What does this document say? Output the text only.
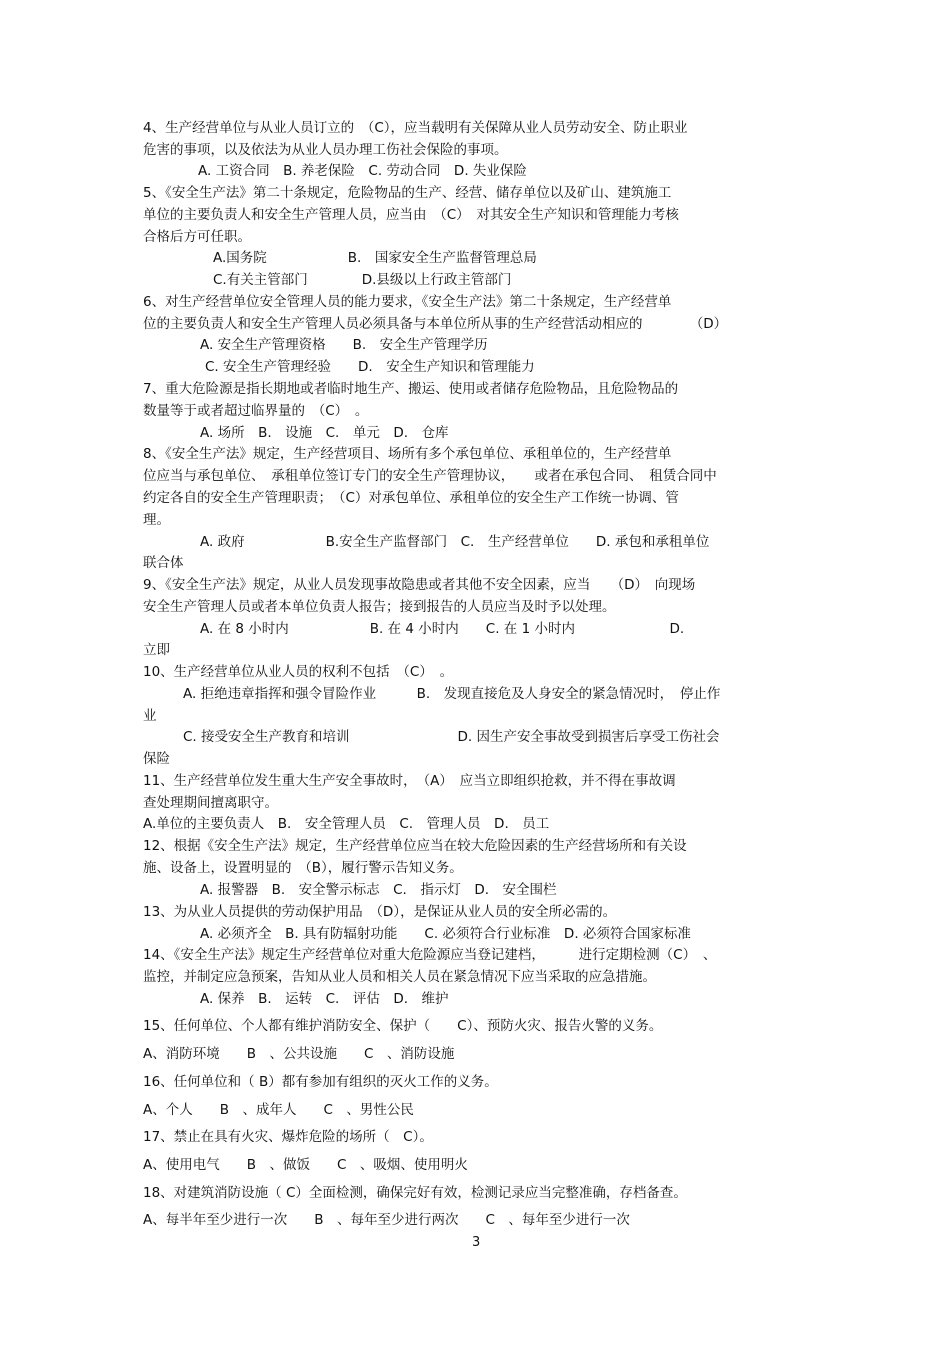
4、生产经营单位与从业人员订立的　（C），应当载明有关保障从业人员劳动安全、防止职业
危害的事项，以及依法为从业人员办理工伤社会保险的事项。
A. 工资合同　B. 养老保险　C. 劳动合同　D. 失业保险
5、《安全生产法》第二十条规定，危险物品的生产、经营、储存单位以及矿山、建筑施工
单位的主要负责人和安全生产管理人员，应当由　（C）　对其安全生产知识和管理能力考核
合格后方可任职。
A.国务院　　　　　　B.　国家安全生产监督管理总局
C.有关主管部门　　　　D.县级以上行政主管部门
6、对生产经营单位安全管理人员的能力要求，《安全生产法》第二十条规定，生产经营单
位的主要负责人和安全生产管理人员必须具备与本单位所从事的生产经营活动相应的　　　　（D）
A. 安全生产管理资格　　B.　安全生产管理学历
C. 安全生产管理经验　　D.　安全生产知识和管理能力
7、重大危险源是指长期地或者临时地生产、搬运、使用或者储存危险物品，且危险物品的
数量等于或者超过临界量的　（C）　。
A. 场所　B.　设施　C.　单元　D.　仓库
8、《安全生产法》规定，生产经营项目、场所有多个承包单位、承租单位的，生产经营单
位应当与承包单位、　承租单位签订专门的安全生产管理协议，　　或者在承包合同、　租赁合同中
约定各自的安全生产管理职责；　（C）对承包单位、承租单位的安全生产工作统一协调、管
理。
A. 政府　　　　　　B.安全生产监督部门　C.　生产经营单位　　D. 承包和承租单位
联合体
9、《安全生产法》规定，从业人员发现事故隐患或者其他不安全因素，应当　　（D）　向现场
安全生产管理人员或者本单位负责人报告；接到报告的人员应当及时予以处理。
A. 在 8 小时内　　　　　　B. 在 4 小时内　　C. 在 1 小时内　　　　　　　D.
立即
10、生产经营单位从业人员的权利不包括　（C）　。
A. 拒绝违章指挥和强令冒险作业　　　B.　发现直接危及人身安全的紧急情况时，　停止作
业
C. 接受安全生产教育和培训　　　　　　　　D. 因生产安全事故受到损害后享受工伤社会
保险
11、生产经营单位发生重大生产安全事故时，　（A）　应当立即组织抢救，并不得在事故调
查处理期间擅离职守。
A.单位的主要负责人　B.　安全管理人员　C.　管理人员　D.　员工
12、根据《安全生产法》规定，生产经营单位应当在较大危险因素的生产经营场所和有关设
施、设备上，设置明显的　（B），履行警示告知义务。
A. 报警器　B.　安全警示标志　C.　指示灯　D.　安全围栏
13、为从业人员提供的劳动保护用品　（D），是保证从业人员的安全所必需的。
A. 必须齐全　B. 具有防辐射功能　　C. 必须符合行业标准　D. 必须符合国家标准
14、《安全生产法》规定生产经营单位对重大危险源应当登记建档，　　　进行定期检测（C）　、
监控，并制定应急预案，告知从业人员和相关人员在紧急情况下应当采取的应急措施。
A. 保养　B.　运转　C.　评估　D.　维护
15、任何单位、个人都有维护消防安全、保护（　　C）、预防火灾、报告火警的义务。
A、消防环境　　B　、公共设施　　C　、消防设施
16、任何单位和（ B）都有参加有组织的灭火工作的义务。
A、个人　　B　、成年人　　C　、男性公民
17、禁止在具有火灾、爆炸危险的场所（　C）。
A、使用电气　　B　、做饭　　C　、吸烟、使用明火
18、对建筑消防设施（ C）全面检测，确保完好有效，检测记录应当完整准确，存档备查。
A、每半年至少进行一次　　B　、每年至少进行两次　　C　、每年至少进行一次
3
